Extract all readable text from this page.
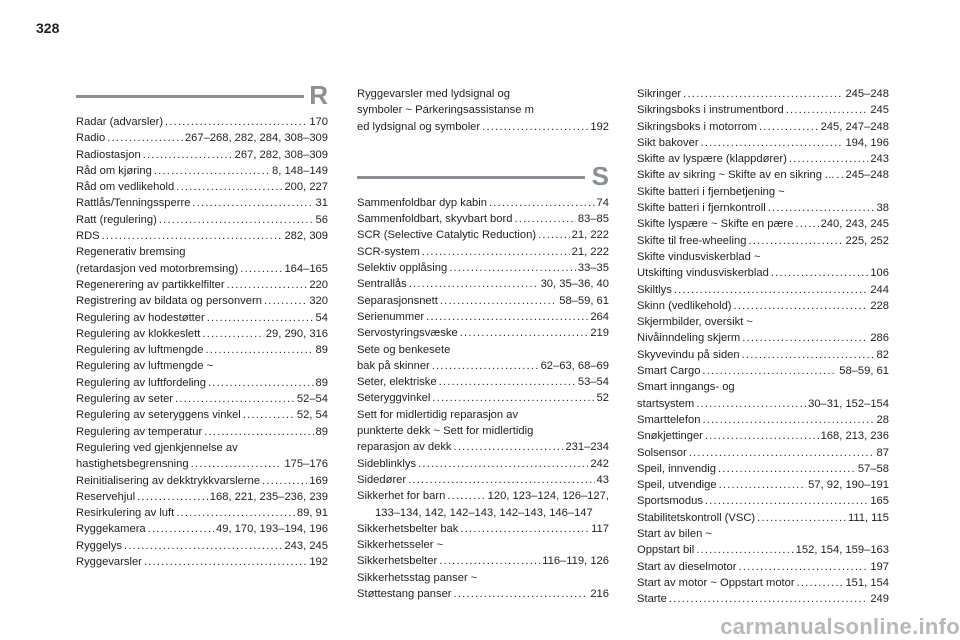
328
R
Radar (advarsler) .....	170
Radio .....	267–268, 282, 284, 308–309
Radiostasjon .....	267, 282, 308–309
Råd om kjøring .....	8, 148–149
Råd om vedlikehold .....	200, 227
Rattlås/Tenningssperre .....	31
Ratt (regulering) .....	56
RDS .....	282, 309
Regenerativ bremsing
(retardasjon ved motorbremsing) .....	164–165
Regenerering av partikkelfilter .....	220
Registrering av bildata og personvern .....	320
Regulering av hodestøtter .....	54
Regulering av klokkeslett .....	29, 290, 316
Regulering av luftmengde .....	89
Regulering av luftmengde ~
Regulering av luftfordeling .....	89
Regulering av seter .....	52–54
Regulering av seteryggens vinkel .....	52, 54
Regulering av temperatur .....	89
Regulering ved gjenkjennelse av
hastighetsbegrensning .....	175–176
Reinitialisering av dekktrykkvarslerne .....	169
Reservehjul .....	168, 221, 235–236, 239
Resirkulering av luft .....	89, 91
Ryggekamera .....	49, 170, 193–194, 196
Ryggelys .....	243, 245
Ryggevarsler .....	192
Ryggevarsler med lydsignal og
symboler ~ Parkeringsassistanse m
ed lydsignal og symboler .....	192
S
Sammenfoldbar dyp kabin .....	74
Sammenfoldbart, skyvbart bord .....	83–85
SCR (Selective Catalytic Reduction) .....	21, 222
SCR-system .....	21, 222
Selektiv opplåsing .....	33–35
Sentrallås .....	30, 35–36, 40
Separasjonsnett .....	58–59, 61
Serienummer .....	264
Servostyringsvæske .....	219
Sete og benkesete
bak på skinner .....	62–63, 68–69
Seter, elektriske .....	53–54
Seteryggvinkel .....	52
Sett for midlertidig reparasjon av
punkterte dekk ~ Sett for midlertidig
reparasjon av dekk .....	231–234
Sideblinklys .....	242
Sidedører .....	43
Sikkerhet for barn .....	120, 123–124, 126–127,
133–134, 142, 142–143, 142–143, 146–147
Sikkerhetsbelter bak .....	117
Sikkerhetsseler ~
Sikkerhetsbelter .....	116–119, 126
Sikkerhetsstag panser ~
Støttestang panser .....	216
Sikringer .....	245–248
Sikringsboks i instrumentbord .....	245
Sikringsboks i motorrom .....	245, 247–248
Sikt bakover .....	194, 196
Skifte av lyspære (klappdører) .....	243
Skifte av sikring ~ Skifte av en sikring ... ..... 245–248
Skifte batteri i fjernbetjening ~
Skifte batteri i fjernkontroll .....	38
Skifte lyspære ~ Skifte en pære ..... 240, 243, 245
Skifte til free-wheeling .....	225, 252
Skifte vindusviskerblad ~
Utskifting vindusviskerblad .....	106
Skiltlys .....	244
Skinn (vedlikehold) .....	228
Skjermbilder, oversikt ~
Nivåinndeling skjerm .....	286
Skyvevindu på siden .....	82
Smart Cargo .....	58–59, 61
Smart inngangs- og
startsystem .....	30–31, 152–154
Smarttelefon .....	28
Snøkjettinger .....	168, 213, 236
Solsensor .....	87
Speil, innvendig .....	57–58
Speil, utvendige .....	57, 92, 190–191
Sportsmodus .....	165
Stabilitetskontroll (VSC) .....	111, 115
Start av bilen ~
Oppstart bil .....	152, 154, 159–163
Start av dieselmotor .....	197
Start av motor ~ Oppstart motor .....	151, 154
Starte .....	249
carmanualsonline.info
